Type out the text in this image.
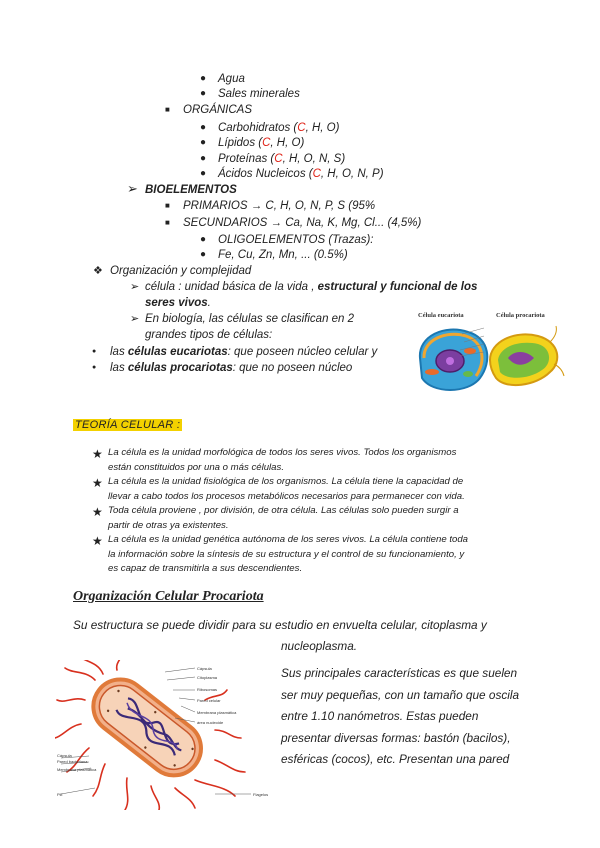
● Agua
● Sales minerales
■ ORGÁNICAS
● Carbohidratos (C, H, O)
● Lípidos (C, H, O)
● Proteínas (C, H, O, N, S)
● Ácidos Nucleicos (C, H, O, N, P)
➢ BIOELEMENTOS
■ PRIMARIOS → C, H, O, N, P, S (95%
■ SECUNDARIOS → Ca, Na, K, Mg, Cl... (4,5%)
● OLIGOELEMENTOS (Trazas):
● Fe, Cu, Zn, Mn, ... (0.5%)
❖ Organización y complejidad
➢ célula : unidad básica de la vida , estructural y funcional de los
seres vivos.
➢ En biología, las células se clasifican en 2
grandes tipos de células:
● las células eucariotas: que poseen núcleo celular y
● las células procariotas: que no poseen núcleo
Célula eucariota	Célula procariota
TEORÍA CELULAR :
★ La célula es la unidad morfológica de todos los seres vivos. Todos los organismos
están constituidos por una o más células.
★ La célula es la unidad fisiológica de los organismos. La célula tiene la capacidad de
llevar a cabo todos los procesos metabólicos necesarios para permanecer con vida.
★ Toda célula proviene , por división, de otra célula. Las células solo pueden surgir a
partir de otras ya existentes.
★ La célula es la unidad genética autónoma de los seres vivos. La célula contiene toda
la información sobre la síntesis de su estructura y el control de su funcionamiento, y
es capaz de transmitirla a sus descendientes.
Organización Celular Procariota
Su estructura se puede dividir para su estudio en envuelta celular, citoplasma y
nucleoplasma.
Sus principales características es que suelen
ser muy pequeñas, con un tamaño que oscila
entre 1.10 nanómetros. Estas pueden
presentar diversas formas: bastón (bacilos),
esféricas (cocos), etc. Presentan una pared
Cápsula
Citoplasma
Ribosomas
Pared celular
Membrana plasmática
área nucleoide
Cápsula
Pared bacteriana
Membrana plasmática
Pili	Flagelos
